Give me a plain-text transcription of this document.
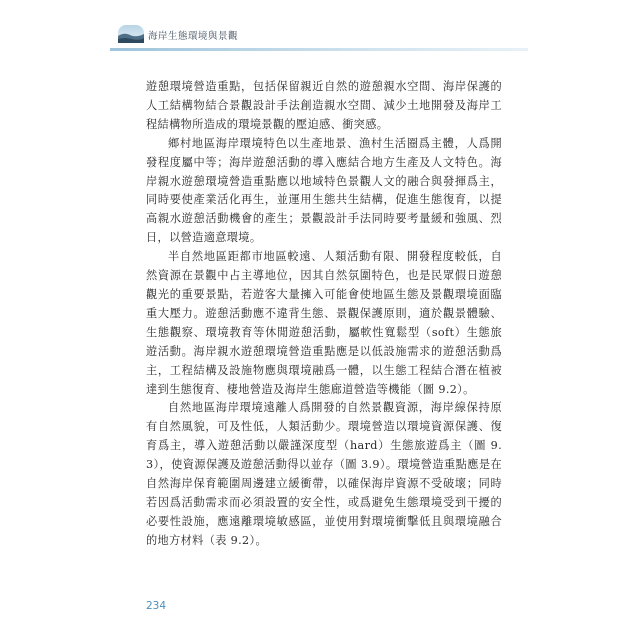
海岸生態環境與景觀

遊憩環境營造重點，包括保留親近自然的遊憩親水空間、海岸保護的人工結構物結合景觀設計手法創造親水空間、減少土地開發及海岸工程結構物所造成的環境景觀的壓迫感、衝突感。

鄉村地區海岸環境特色以生產地景、漁村生活圈爲主體，人爲開發程度屬中等；海岸遊憩活動的導入應結合地方生產及人文特色。海岸親水遊憩環境營造重點應以地域特色景觀人文的融合與發揮爲主，同時要使產業活化再生，並運用生態共生結構，促進生態復育，以提高親水遊憩活動機會的產生；景觀設計手法同時要考量緩和強風、烈日，以營造適意環境。

半自然地區距都市地區較遠、人類活動有限、開發程度較低，自然資源在景觀中占主導地位，因其自然氛圍特色，也是民眾假日遊憩觀光的重要景點，若遊客大量擁入可能會使地區生態及景觀環境面臨重大壓力。遊憩活動應不違背生態、景觀保護原則，適於觀景體驗、生態觀察、環境教育等休閒遊憩活動，屬軟性寬鬆型（soft）生態旅遊活動。海岸親水遊憩環境營造重點應是以低設施需求的遊憩活動爲主，工程結構及設施物應與環境融爲一體，以生態工程結合潛在植被達到生態復育、棲地營造及海岸生態廊道營造等機能（圖 9.2）。

自然地區海岸環境遠離人爲開發的自然景觀資源，海岸線保持原有自然風貌，可及性低，人類活動少。環境營造以環境資源保護、復育爲主，導入遊憩活動以嚴謹深度型（hard）生態旅遊爲主（圖 9.3），使資源保護及遊憩活動得以並存（圖 3.9）。環境營造重點應是在自然海岸保育範圍周邊建立緩衝帶，以確保海岸資源不受破壞；同時若因爲活動需求而必須設置的安全性，或爲避免生態環境受到干擾的必要性設施，應遠離環境敏感區，並使用對環境衝擊低且與環境融合的地方材料（表 9.2）。

234
